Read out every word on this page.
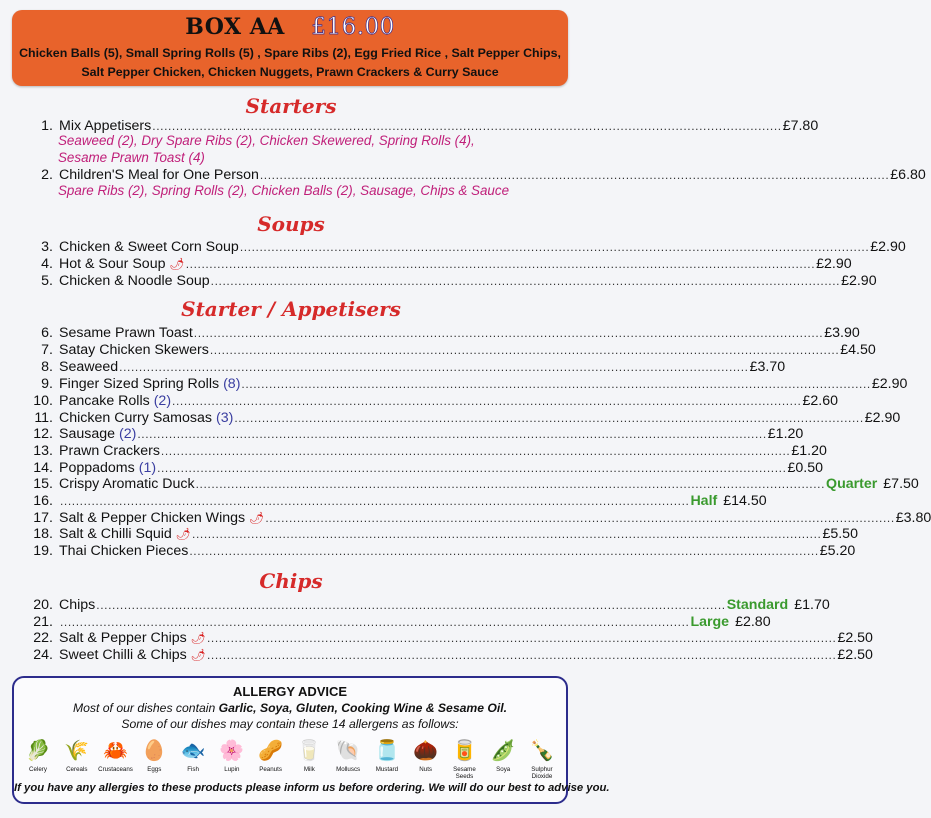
BOX AA £16.00
Chicken Balls (5), Small Spring Rolls (5) , Spare Ribs (2), Egg Fried Rice , Salt Pepper Chips,
Salt Pepper Chicken, Chicken Nuggets, Prawn Crackers & Curry Sauce
Starters
Soups
Starter / Appetisers
Chips
Seaweed (2), Dry Spare Ribs (2), Chicken Skewered, Spring Rolls (4),
Sesame Prawn Toast (4)
Spare Ribs (2), Spring Rolls (2), Chicken Balls (2), Sausage, Chips & Sauce
1. Mix Appetisers ................................................................................................................................................................ £7.80
2. Children'S Meal for One Person ................................................................................................................................................................ £6.80
3. Chicken & Sweet Corn Soup ................................................................................................................................................................ £2.90
4. Hot & Sour Soup 🌶 ................................................................................................................................................................ £2.90
5. Chicken & Noodle Soup ................................................................................................................................................................ £2.90
6. Sesame Prawn Toast ................................................................................................................................................................ £3.90
7. Satay Chicken Skewers ................................................................................................................................................................ £4.50
8. Seaweed ................................................................................................................................................................ £3.70
9. Finger Sized Spring Rolls (8) ................................................................................................................................................................ £2.90
10. Pancake Rolls (2) ................................................................................................................................................................ £2.60
11. Chicken Curry Samosas (3) ................................................................................................................................................................ £2.90
12. Sausage (2) ................................................................................................................................................................ £1.20
13. Prawn Crackers ................................................................................................................................................................ £1.20
14. Poppadoms (1) ................................................................................................................................................................ £0.50
15. Crispy Aromatic Duck ................................................................................................................................................................ Quarter £7.50
16. ................................................................................................................................................................ Half £14.50
17. Salt & Pepper Chicken Wings 🌶 ................................................................................................................................................................ £3.80
18. Salt & Chilli Squid 🌶 ................................................................................................................................................................ £5.50
19. Thai Chicken Pieces ................................................................................................................................................................ £5.20
20. Chips ................................................................................................................................................................ Standard £1.70
21. ................................................................................................................................................................ Large £2.80
22. Salt & Pepper Chips 🌶 ................................................................................................................................................................ £2.50
24. Sweet Chilli & Chips 🌶 ................................................................................................................................................................ £2.50
ALLERGY ADVICE
Most of our dishes contain Garlic, Soya, Gluten, Cooking Wine & Sesame Oil.
Some of our dishes may contain these 14 allergens as follows:
🥬
Celery
🌾
Cereals
🦀
Crustaceans
🥚
Eggs
🐟
Fish
🌸
Lupin
🥜
Peanuts
🥛
Milk
🐚
Molluscs
🫙
Mustard
🌰
Nuts
🥫
Sesame Seeds
🫛
Soya
🍾
Sulphur Dioxide
If you have any allergies to these products please inform us before ordering. We will do our best to advise you.
